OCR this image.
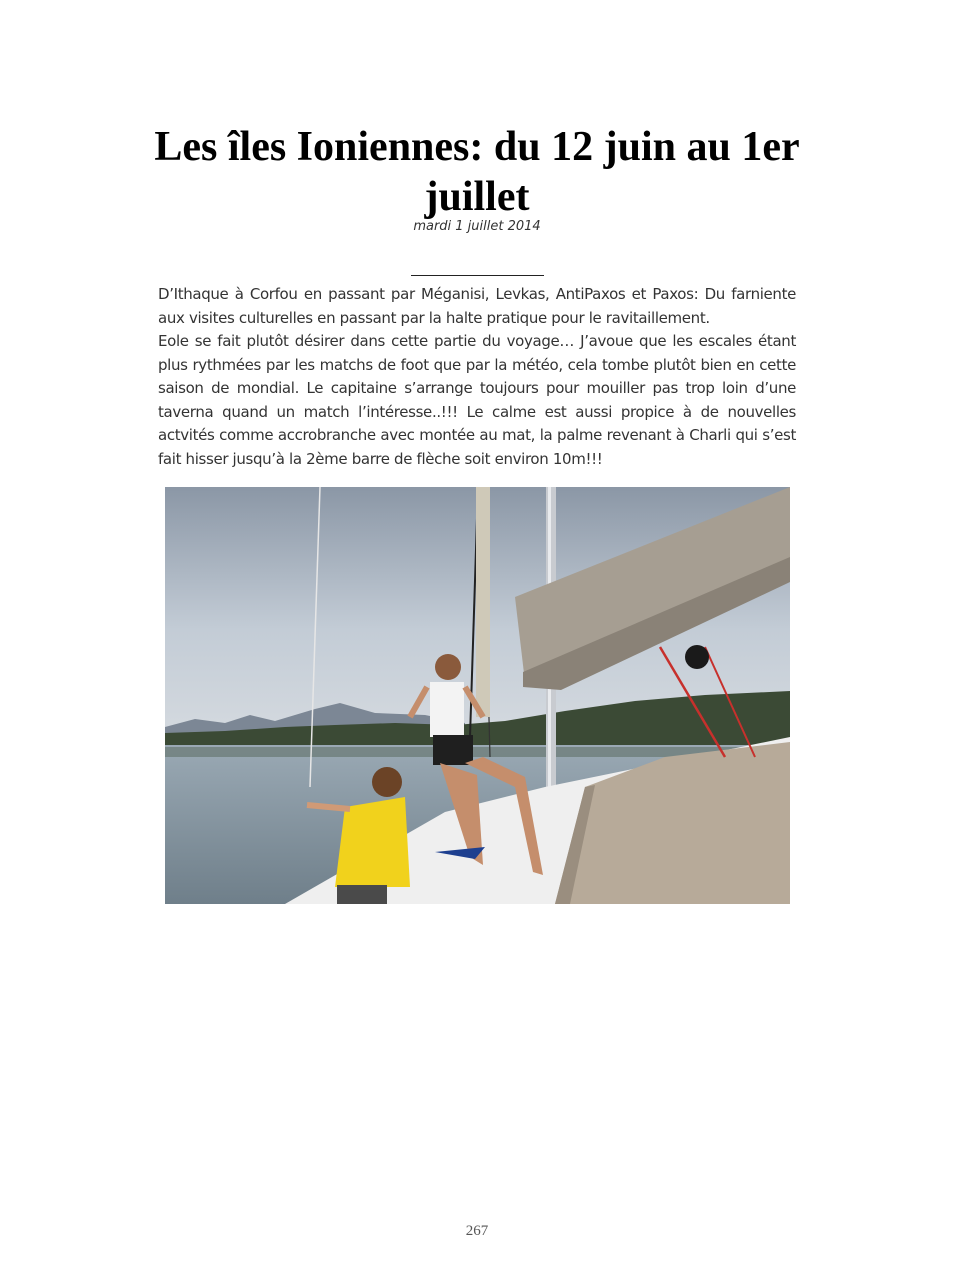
Les îles Ioniennes: du 12 juin au 1er juillet
mardi 1 juillet 2014

D’Ithaque à Corfou en passant par Méganisi, Levkas, AntiPaxos et Paxos: Du farniente aux visites culturelles en passant par la halte pratique pour le ravitaillement.

Eole se fait plutôt désirer dans cette partie du voyage… J’avoue que les escales étant plus rythmées par les matchs de foot que par la météo, cela tombe plutôt bien en cette saison de mondial. Le capitaine s’arrange toujours pour mouiller pas trop loin d’une taverna quand un match l’intéresse..!!! Le calme est aussi propice à de nouvelles actvités comme accrobranche avec montée au mat, la palme revenant à Charli qui s’est fait hisser jusqu’à la 2ème barre de flèche soit environ 10m!!!

267
